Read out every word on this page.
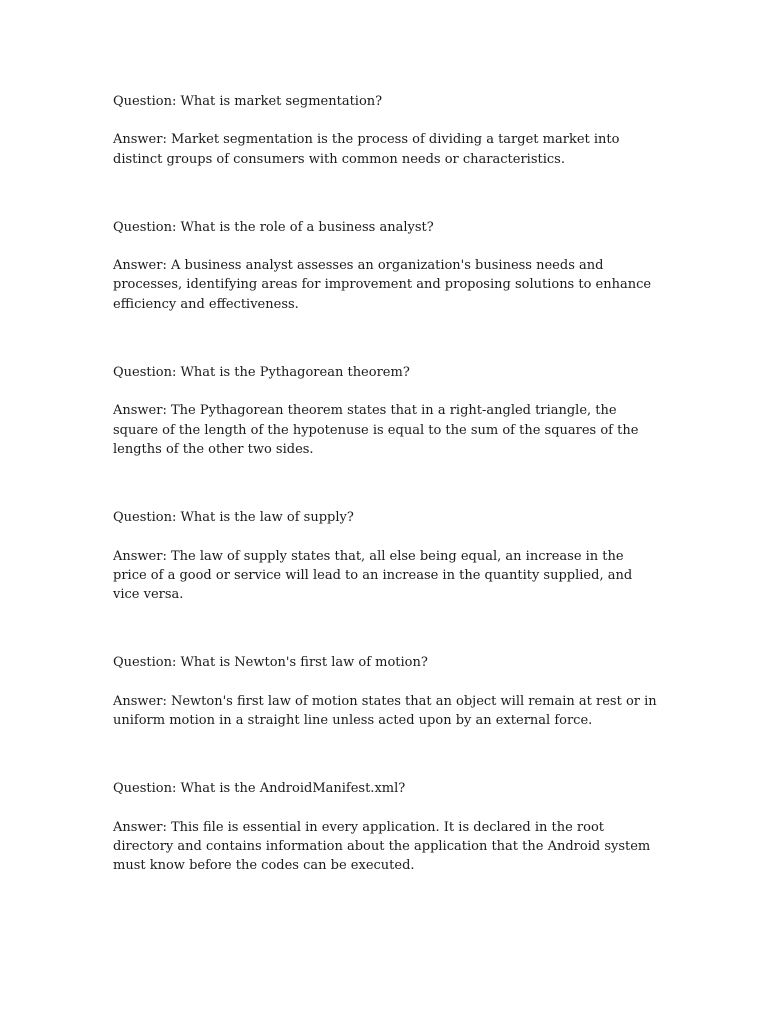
Question: What is market segmentation?

Answer: Market segmentation is the process of dividing a target market into distinct groups of consumers with common needs or characteristics.

Question: What is the role of a business analyst?

Answer: A business analyst assesses an organization's business needs and processes, identifying areas for improvement and proposing solutions to enhance efficiency and effectiveness.

Question: What is the Pythagorean theorem?

Answer: The Pythagorean theorem states that in a right-angled triangle, the square of the length of the hypotenuse is equal to the sum of the squares of the lengths of the other two sides.

Question: What is the law of supply?

Answer: The law of supply states that, all else being equal, an increase in the price of a good or service will lead to an increase in the quantity supplied, and vice versa.

Question: What is Newton's first law of motion?

Answer: Newton's first law of motion states that an object will remain at rest or in uniform motion in a straight line unless acted upon by an external force.

Question: What is the AndroidManifest.xml?

Answer: This file is essential in every application. It is declared in the root directory and contains information about the application that the Android system must know before the codes can be executed.
